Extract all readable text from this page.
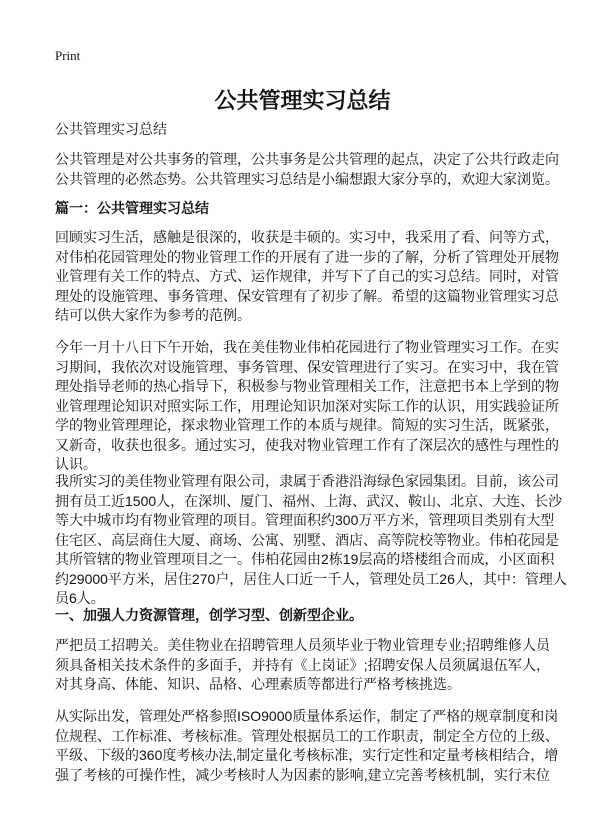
Print
公共管理实习总结
公共管理实习总结
公共管理是对公共事务的管理，公共事务是公共管理的起点，决定了公共行政走向
公共管理的必然态势。公共管理实习总结是小编想跟大家分享的，欢迎大家浏览。
篇一：公共管理实习总结
回顾实习生活，感触是很深的，收获是丰硕的。实习中，我采用了看、问等方式，
对伟柏花园管理处的物业管理工作的开展有了进一步的了解，分析了管理处开展物
业管理有关工作的特点、方式、运作规律，并写下了自己的实习总结。同时，对管
理处的设施管理、事务管理、保安管理有了初步了解。希望的这篇物业管理实习总
结可以供大家作为参考的范例。
今年一月十八日下午开始，我在美佳物业伟柏花园进行了物业管理实习工作。在实
习期间，我依次对设施管理、事务管理、保安管理进行了实习。在实习中，我在管
理处指导老师的热心指导下，积极参与物业管理相关工作，注意把书本上学到的物
业管理理论知识对照实际工作，用理论知识加深对实际工作的认识，用实践验证所
学的物业管理理论，探求物业管理工作的本质与规律。简短的实习生活，既紧张，
又新奇，收获也很多。通过实习，使我对物业管理工作有了深层次的感性与理性的
认识。
我所实习的美佳物业管理有限公司，隶属于香港沿海绿色家园集团。目前，该公司
拥有员工近1500人，在深圳、厦门、福州、上海、武汉、鞍山、北京、大连、长沙
等大中城市均有物业管理的项目。管理面积约300万平方米，管理项目类别有大型
住宅区、高层商住大厦、商场、公寓、别墅、酒店、高等院校等物业。伟柏花园是
其所管辖的物业管理项目之一。伟柏花园由2栋19层高的塔楼组合而成，小区面积
约29000平方米，居住270户，居住人口近一千人，管理处员工26人，其中：管理人
员6人。
一、加强人力资源管理，创学习型、创新型企业。
严把员工招聘关。美佳物业在招聘管理人员须毕业于物业管理专业;招聘维修人员
须具备相关技术条件的多面手，并持有《上岗证》;招聘安保人员须属退伍军人，
对其身高、体能、知识、品格、心理素质等都进行严格考核挑选。
从实际出发，管理处严格参照ISO9000质量体系运作，制定了严格的规章制度和岗
位规程、工作标准、考核标准。管理处根据员工的工作职责，制定全方位的上级、
平级、下级的360度考核办法,制定量化考核标准，实行定性和定量考核相结合，增
强了考核的可操作性，减少考核时人为因素的影响,建立完善考核机制，实行末位
